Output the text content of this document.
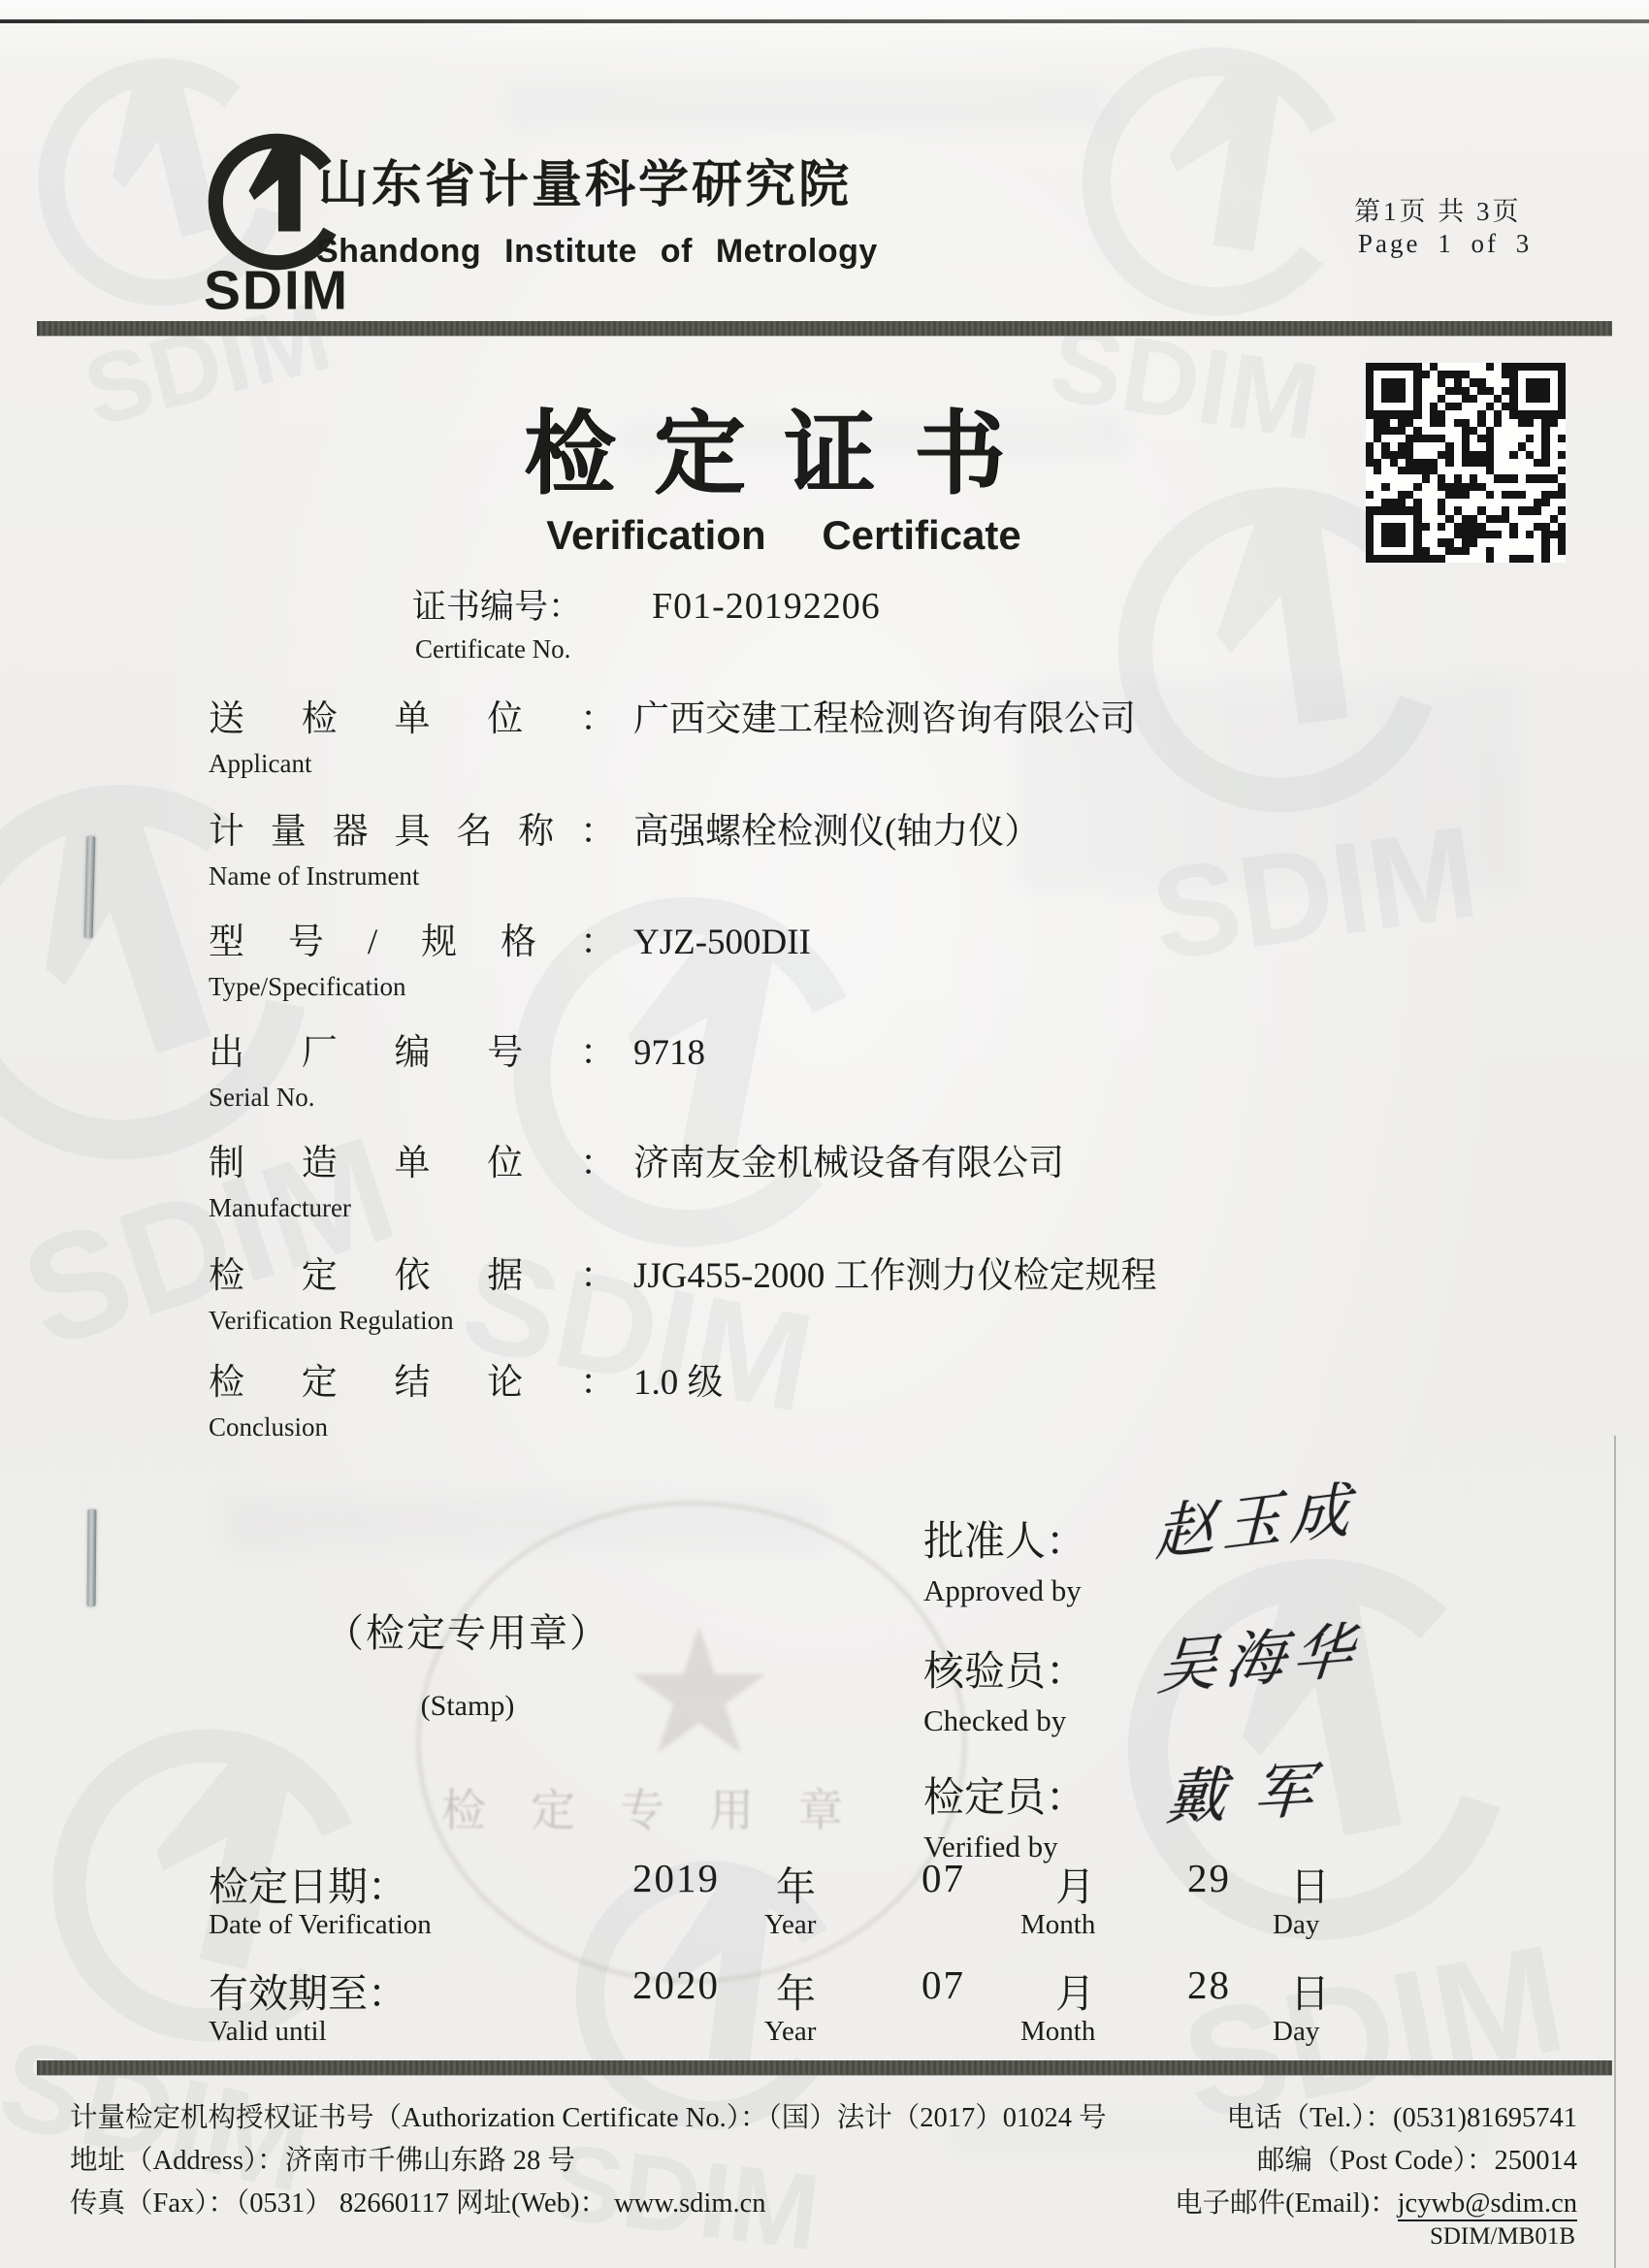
SDIM
山东省计量科学研究院
Shandong Institute of Metrology
第1页 共 3页
Page 1 of 3
检定证书
Verification Certificate
证书编号： F01-20192206
Certificate No.
送检单位： 广西交建工程检测咨询有限公司
Applicant
计量器具名称： 高强螺栓检测仪(轴力仪）
Name of Instrument
型号/规格： YJZ-500DII
Type/Specification
出厂编号： 9718
Serial No.
制造单位： 济南友金机械设备有限公司
Manufacturer
检定依据： JJG455-2000 工作测力仪检定规程
Verification Regulation
检定结论： 1.0 级
Conclusion
★
检定专用章
（检定专用章）
(Stamp)
批准人：
Approved by
赵玉成
核验员：
Checked by
吴海华
检定员：
Verified by
戴军
检定日期：	2019 年	07 月 29 日
Date of Verification	Year	Month	Day
有效期至：	2020 年	07 月 28 日
Valid until	Year	Month	Day
计量检定机构授权证书号（Authorization Certificate No.）：（国）法计（2017）01024 号
地址（Address）：济南市千佛山东路 28 号
传真（Fax）：（0531） 82660117 网址(Web)： www.sdim.cn
电话（Tel.）：(0531)81695741
邮编（Post Code）：250014
电子邮件(Email)：jcywb@sdim.cn
SDIM/MB01B
